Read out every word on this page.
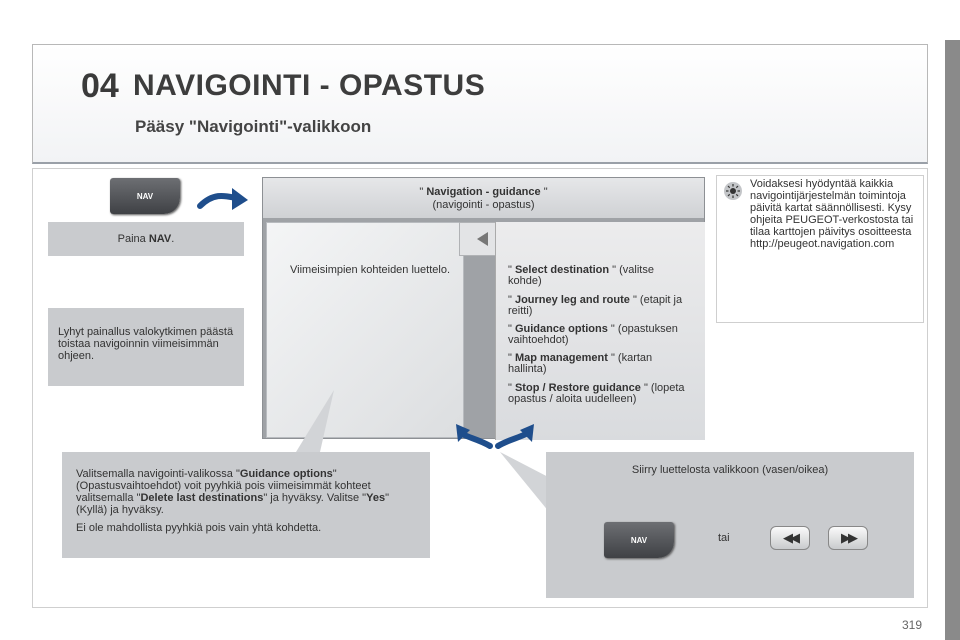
04 NAVIGOINTI - OPASTUS
Pääsy "Navigointi"-valikkoon
NAV
Paina NAV.
Lyhyt painallus valokytkimen päästä toistaa navigoinnin viimeisimmän ohjeen.
" Navigation - guidance "
(navigointi - opastus)
Viimeisimpien kohteiden luettelo.	" Select destination " (valitse kohde)
" Journey leg and route " (etapit ja reitti)
" Guidance options " (opastuksen vaihtoehdot)
" Map management " (kartan hallinta)
" Stop / Restore guidance " (lopeta opastus / aloita uudelleen)
Voidaksesi hyödyntää kaikkia navigointijärjestelmän toimintoja päivitä kartat säännöllisesti. Kysy ohjeita PEUGEOT-verkostosta tai tilaa karttojen päivitys osoitteesta http://peugeot.navigation.com
Valitsemalla navigointi-valikossa "Guidance options" (Opastusvaihtoehdot) voit pyyhkiä pois viimeisimmät kohteet valitsemalla "Delete last destinations" ja hyväksy. Valitse "Yes" (Kyllä) ja hyväksy.
Ei ole mahdollista pyyhkiä pois vain yhtä kohdetta.
Siirry luettelosta valikkoon (vasen/oikea)
tai
NAV	◀◀	▶▶
319
